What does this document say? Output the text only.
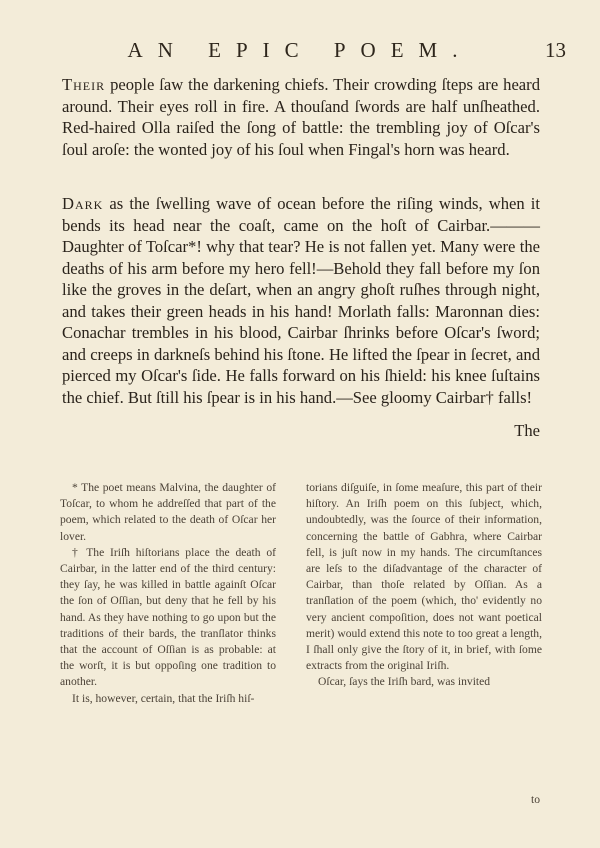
AN EPIC POEM.	13

Their people ſaw the darkening chiefs. Their crowding ſteps are heard around. Their eyes roll in fire. A thouſand ſwords are half unſheathed. Red-haired Olla raiſed the ſong of battle: the trembling joy of Oſcar's ſoul aroſe: the wonted joy of his ſoul when Fingal's horn was heard.

Dark as the ſwelling wave of ocean before the riſing winds, when it bends its head near the coaſt, came on the hoſt of Cairbar.——— Daughter of Toſcar*! why that tear? He is not fallen yet. Many were the deaths of his arm before my hero fell!—Behold they fall before my ſon like the groves in the deſart, when an angry ghoſt ruſhes through night, and takes their green heads in his hand! Morlath falls: Maronnan dies: Conachar trembles in his blood, Cairbar ſhrinks before Oſcar's ſword; and creeps in darkneſs behind his ſtone. He lifted the ſpear in ſecret, and pierced my Oſcar's ſide. He falls forward on his ſhield: his knee ſuſtains the chief. But ſtill his ſpear is in his hand.—See gloomy Cairbar† falls!

The

* The poet means Malvina, the daughter of Toſcar, to whom he addreſſed that part of the poem, which related to the death of Oſcar her lover.

† The Iriſh hiſtorians place the death of Cairbar, in the latter end of the third century: they ſay, he was killed in battle againſt Oſcar the ſon of Oſſian, but deny that he fell by his hand. As they have nothing to go upon but the traditions of their bards, the tranſlator thinks that the account of Oſſian is as probable: at the worſt, it is but oppoſing one tradition to another.

It is, however, certain, that the Iriſh hiſ-

torians diſguiſe, in ſome meaſure, this part of their hiſtory. An Iriſh poem on this ſubject, which, undoubtedly, was the ſource of their information, concerning the battle of Gabhra, where Cairbar fell, is juſt now in my hands. The circumſtances are leſs to the diſadvantage of the character of Cairbar, than thoſe related by Oſſian. As a tranſlation of the poem (which, tho' evidently no very ancient compoſition, does not want poetical merit) would extend this note to too great a length, I ſhall only give the ſtory of it, in brief, with ſome extracts from the original Iriſh.

Oſcar, ſays the Iriſh bard, was invited

to
